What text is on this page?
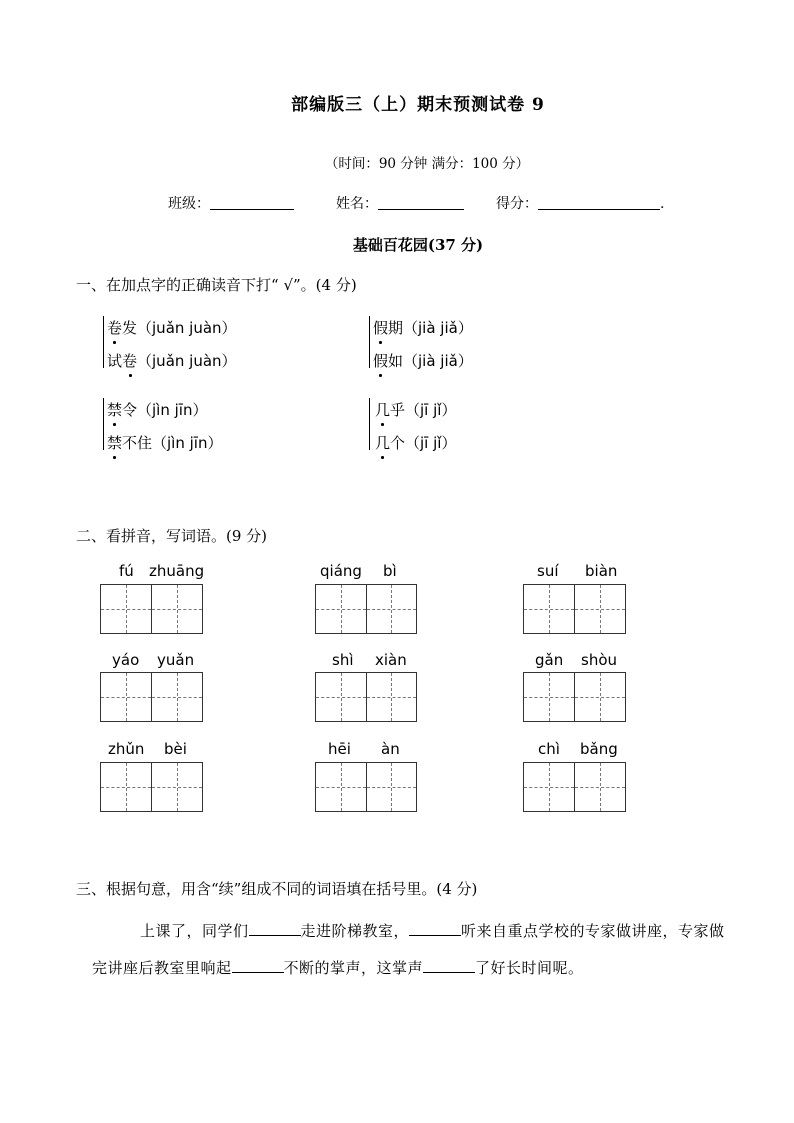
部编版三（上）期末预测试卷 9
（时间：90 分钟 满分：100 分）
班级：	姓名：	得分：	.
基础百花园(37 分)
一、在加点字的正确读音下打“ √”。(4 分)
卷发（juǎn juàn）
试卷（juǎn juàn）
假期（jià jiǎ）
假如（jià jiǎ）
禁令（jìn jīn）
禁不住（jìn jīn）
几乎（jī jǐ）
几个（jī jǐ）
二、看拼音，写词语。(9 分)
fú zhuāng	qiáng bì	suí biàn
yáo yuǎn	shì xiàn	gǎn shòu
zhǔn bèi	hēi àn	chì bǎng
三、根据句意，用含“续”组成不同的词语填在括号里。(4 分)
上课了，同学们	走进阶梯教室，	听来自重点学校的专家做讲座，专家做完讲座后教室里响起	不断的掌声，这掌声	了好长时间呢。
